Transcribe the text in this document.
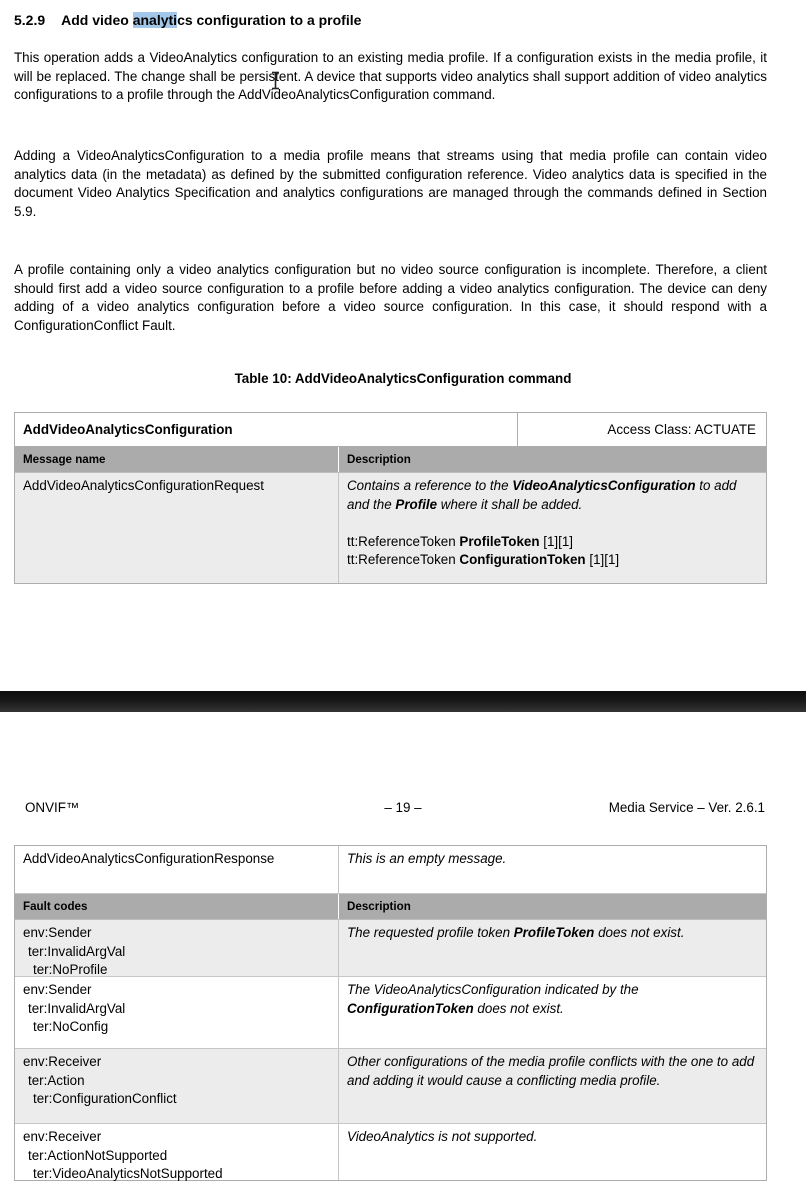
5.2.9 Add video analytics configuration to a profile
This operation adds a VideoAnalytics configuration to an existing media profile. If a configuration exists in the media profile, it will be replaced. The change shall be persistent. A device that supports video analytics shall support addition of video analytics configurations to a profile through the AddVideoAnalyticsConfiguration command.
Adding a VideoAnalyticsConfiguration to a media profile means that streams using that media profile can contain video analytics data (in the metadata) as defined by the submitted configuration reference. Video analytics data is specified in the document Video Analytics Specification and analytics configurations are managed through the commands defined in Section 5.9.
A profile containing only a video analytics configuration but no video source configuration is incomplete. Therefore, a client should first add a video source configuration to a profile before adding a video analytics configuration. The device can deny adding of a video analytics configuration before a video source configuration. In this case, it should respond with a ConfigurationConflict Fault.
Table 10: AddVideoAnalyticsConfiguration command
AddVideoAnalyticsConfiguration	Access Class: ACTUATE
Message name	Description
AddVideoAnalyticsConfigurationRequest	Contains a reference to the VideoAnalyticsConfiguration to add and the Profile where it shall be added.
tt:ReferenceToken ProfileToken [1][1]
tt:ReferenceToken ConfigurationToken [1][1]
ONVIF™	– 19 –	Media Service – Ver. 2.6.1
AddVideoAnalyticsConfigurationResponse	This is an empty message.
Fault codes	Description
env:Sender
ter:InvalidArgVal
ter:NoProfile
The requested profile token ProfileToken does not exist.
env:Sender
ter:InvalidArgVal
ter:NoConfig
The VideoAnalyticsConfiguration indicated by the ConfigurationToken does not exist.
env:Receiver
ter:Action
ter:ConfigurationConflict
Other configurations of the media profile conflicts with the one to add and adding it would cause a conflicting media profile.
env:Receiver
ter:ActionNotSupported
ter:VideoAnalyticsNotSupported
VideoAnalytics is not supported.
